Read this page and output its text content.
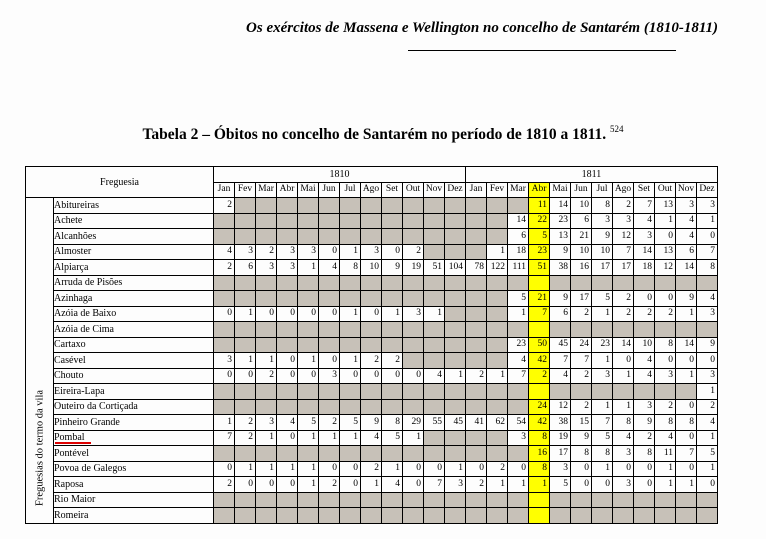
Os exércitos de Massena e Wellington no concelho de Santarém (1810-1811)
Tabela 2 – Óbitos no concelho de Santarém no período de 1810 a 1811. $^{524}$
Freguesia		1810												1811											
		Jan	Fev	Mar	Abr	Mai	Jun	Jul	Ago	Set	Out	Nov	Dez	Jan	Fev	Mar	Abr	Mai	Jun	Jul	Ago	Set	Out	Nov	Dez

Freguesias do termo da vila	Abitureiras	2															11	14	10	8	2	7	13	3	3
	Achete															14	22	23	6	3	3	4	1	4	1
	Alcanhões															6	5	13	21	9	12	3	0	4	0
	Almoster	4	3	2	3	3	0	1	3	0	2				1	18	23	9	10	10	7	14	13	6	7
	Alpiarça	2	6	3	3	1	4	8	10	9	19	51	104	78	122	111	51	38	16	17	17	18	12	14	8
	Arruda de Pisões																								
	Azinhaga															5	21	9	17	5	2	0	0	9	4
	Azóia de Baixo	0	1	0	0	0	0	1	0	1	3	1				1	7	6	2	1	2	2	2	1	3
	Azóia de Cima																								
	Cartaxo															23	50	45	24	23	14	10	8	14	9
	Casével	3	1	1	0	1	0	1	2	2						4	42	7	7	1	0	4	0	0	0
	Chouto	0	0	2	0	0	3	0	0	0	0	4	1	2	1	7	2	4	2	3	1	4	3	1	3
	Eireira-Lapa																								1
	Outeiro da Cortiçada																24	12	2	1	1	3	2	0	2
	Pinheiro Grande	1	2	3	4	5	2	5	9	8	29	55	45	41	62	54	42	38	15	7	8	9	8	8	4
	Pombal	7	2	1	0	1	1	1	4	5	1					3	8	19	9	5	4	2	4	0	1
	Pontével																16	17	8	8	3	8	11	7	5
	Povoa de Galegos	0	1	1	1	1	0	0	2	1	0	0	1	0	2	0	8	3	0	1	0	0	1	0	1
	Raposa	2	0	0	0	1	2	0	1	4	0	7	3	2	1	1	1	5	0	0	3	0	1	1	0
	Rio Maior																								
	Romeira																								
